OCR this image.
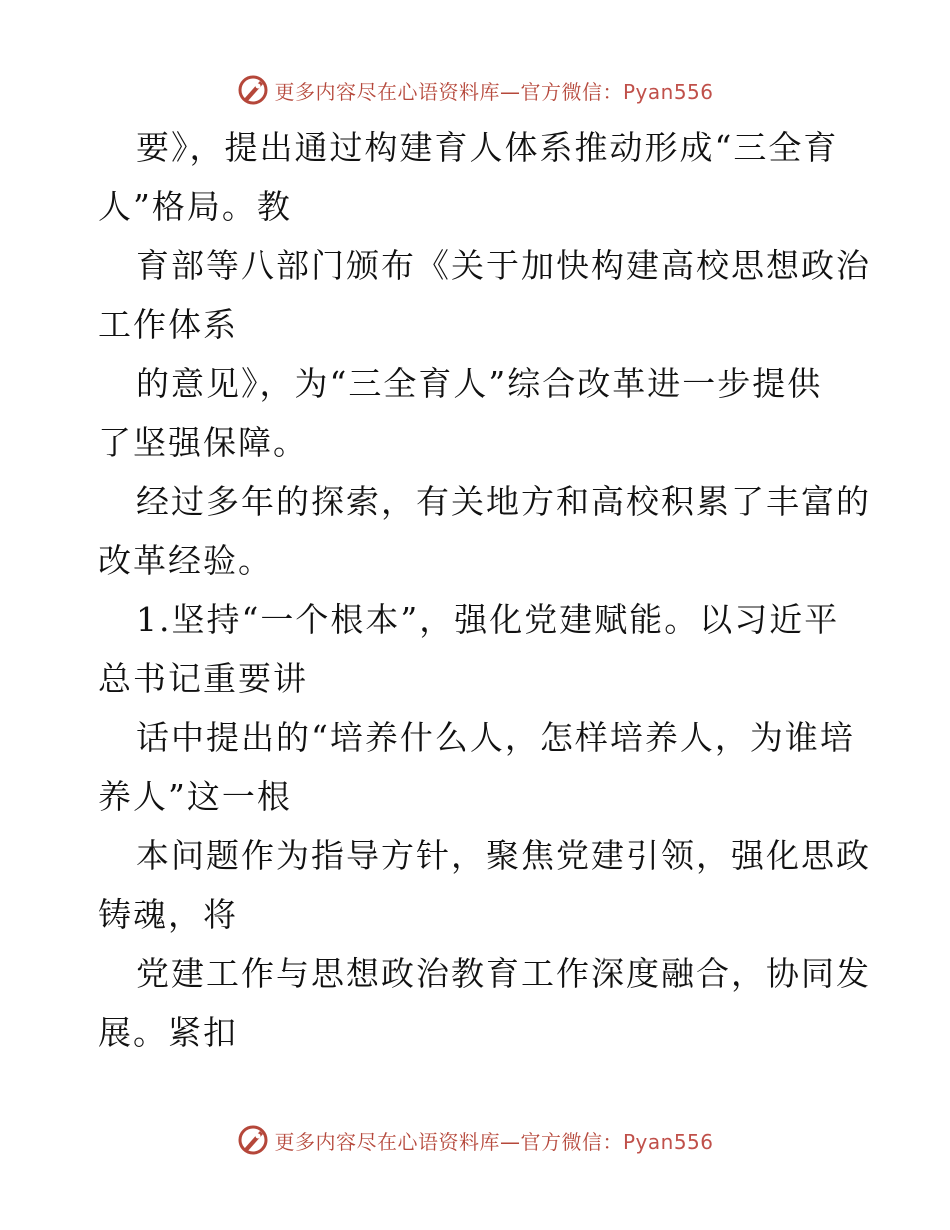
更多内容尽在心语资料库—官方微信：Pyan556

要》，提出通过构建育人体系推动形成“三全育
人”格局。教

育部等八部门颁布《关于加快构建高校思想政治
工作体系

的意见》，为“三全育人”综合改革进一步提供
了坚强保障。

经过多年的探索，有关地方和高校积累了丰富的
改革经验。

1.坚持“一个根本”，强化党建赋能。以习近平
总书记重要讲

话中提出的“培养什么人，怎样培养人，为谁培
养人”这一根

本问题作为指导方针，聚焦党建引领，强化思政
铸魂，将

党建工作与思想政治教育工作深度融合，协同发
展。紧扣

更多内容尽在心语资料库—官方微信：Pyan556
